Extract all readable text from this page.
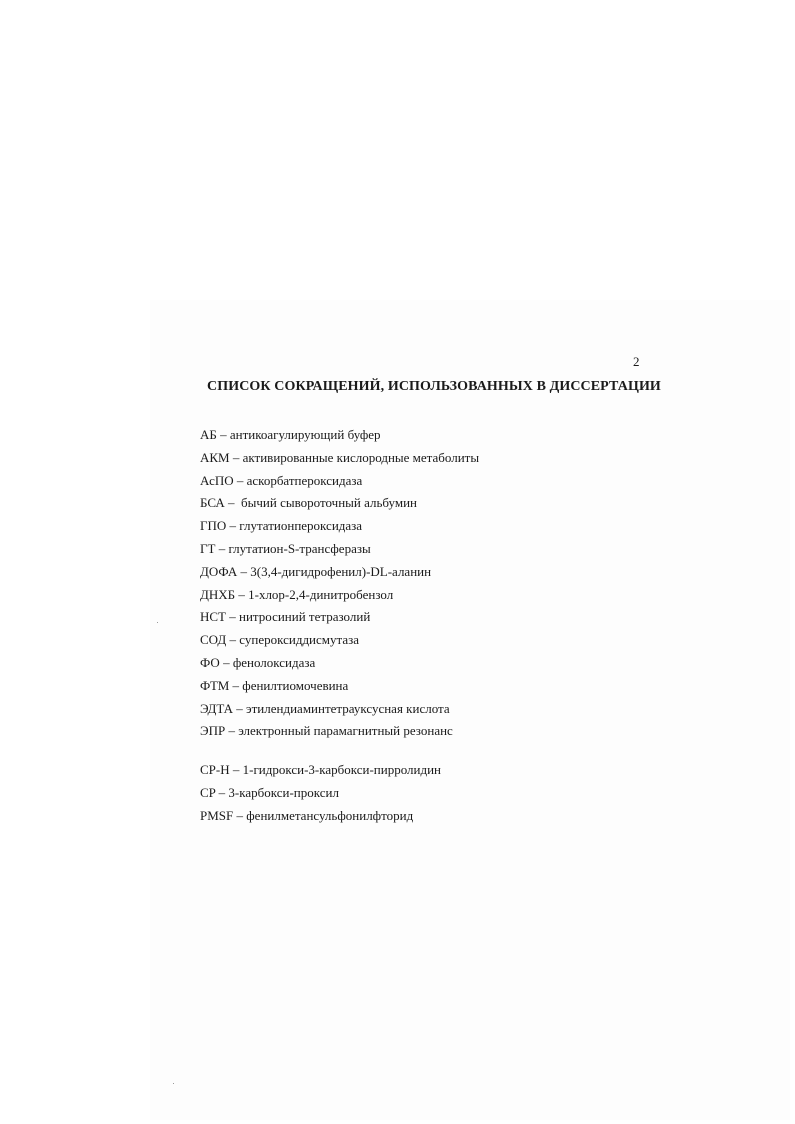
2
СПИСОК СОКРАЩЕНИЙ, ИСПОЛЬЗОВАННЫХ В ДИССЕРТАЦИИ
АБ – антикоагулирующий буфер
АКМ – активированные кислородные метаболиты
АсПО – аскорбатпероксидаза
БСА –  бычий сывороточный альбумин
ГПО – глутатионпероксидаза
ГТ – глутатион-S-трансферазы
ДОФА – 3(3,4-дигидрофенил)-DL-аланин
ДНХБ – 1-хлор-2,4-динитробензол
НСТ – нитросиний тетразолий
СОД – супероксиддисмутаза
ФО – фенолоксидаза
ФТМ – фенилтиомочевина
ЭДТА – этилендиаминтетрауксусная кислота
ЭПР – электронный парамагнитный резонанс
CP-H – 1-гидрокси-3-карбокси-пирролидин
CP – 3-карбокси-проксил
PMSF – фенилметансульфонилфторид
